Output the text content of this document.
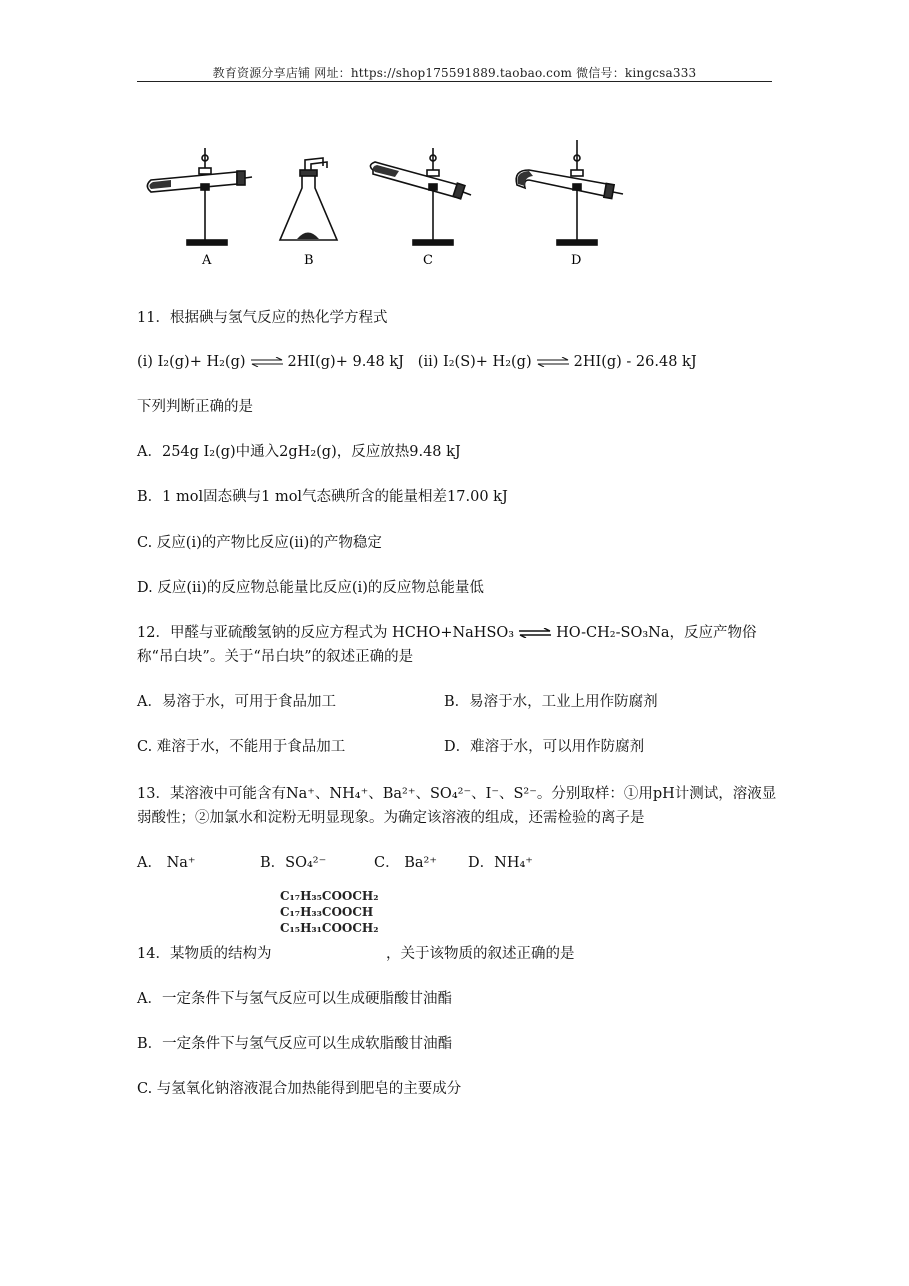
教育资源分享店铺 网址：https://shop175591889.taobao.com 微信号：kingcsa333
A	B	C	D
11．根据碘与氢气反应的热化学方程式
(i) I₂(g)+ H₂(g) ⇌ 2HI(g)+ 9.48 kJ (ii) I₂(S)+ H₂(g) ⇌ 2HI(g) - 26.48 kJ
下列判断正确的是
A．254g I₂(g)中通入2gH₂(g)，反应放热9.48 kJ
B．1 mol固态碘与1 mol气态碘所含的能量相差17.00 kJ
C. 反应(i)的产物比反应(ii)的产物稳定
D. 反应(ii)的反应物总能量比反应(i)的反应物总能量低
12．甲醛与亚硫酸氢钠的反应方程式为 HCHO+NaHSO₃ ⇌ HO-CH₂-SO₃Na，反应产物俗
称“吊白块”。关于“吊白块”的叙述正确的是
A．易溶于水，可用于食品加工	B．易溶于水，工业上用作防腐剂
C. 难溶于水，不能用于食品加工	D．难溶于水，可以用作防腐剂
13．某溶液中可能含有Na⁺、NH₄⁺、Ba²⁺、SO₄²⁻、I⁻、S²⁻。分别取样：①用pH计测试，溶液显
弱酸性；②加氯水和淀粉无明显现象。为确定该溶液的组成，还需检验的离子是
A． Na⁺	B．SO₄²⁻	C． Ba²⁺ D．NH₄⁺
C₁₇H₃₅COOCH₂
C₁₇H₃₃COOCH
C₁₅H₃₁COOCH₂
14．某物质的结构为	，关于该物质的叙述正确的是
A．一定条件下与氢气反应可以生成硬脂酸甘油酯
B．一定条件下与氢气反应可以生成软脂酸甘油酯
C. 与氢氧化钠溶液混合加热能得到肥皂的主要成分
